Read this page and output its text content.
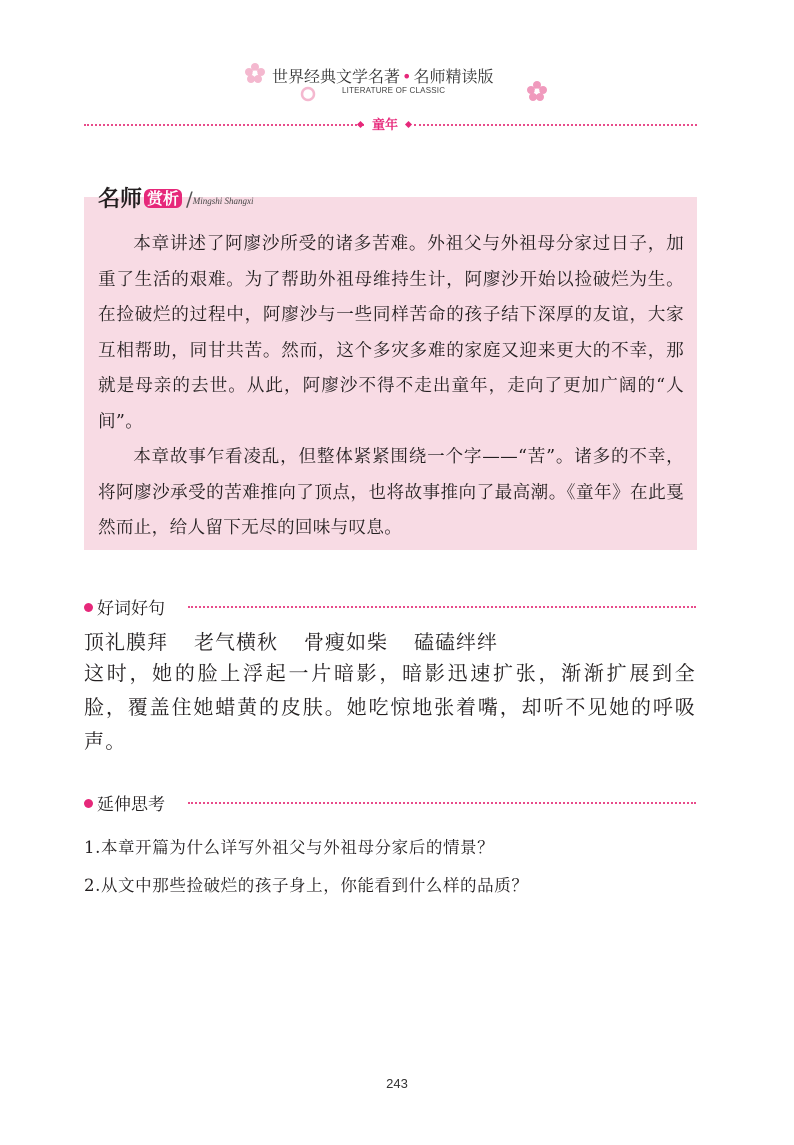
世界经典文学名著 • 名师精读版
LITERATURE OF CLASSIC
童年
名师 赏析 /Mingshi Shangxi

本章讲述了阿廖沙所受的诸多苦难。外祖父与外祖母分家过日子，加重了生活的艰难。为了帮助外祖母维持生计，阿廖沙开始以捡破烂为生。在捡破烂的过程中，阿廖沙与一些同样苦命的孩子结下深厚的友谊，大家互相帮助，同甘共苦。然而，这个多灾多难的家庭又迎来更大的不幸，那就是母亲的去世。从此，阿廖沙不得不走出童年，走向了更加广阔的“人间”。

本章故事乍看凌乱，但整体紧紧围绕一个字——“苦”。诸多的不幸，将阿廖沙承受的苦难推向了顶点，也将故事推向了最高潮。《童年》在此戛然而止，给人留下无尽的回味与叹息。

好词好句
顶礼膜拜 老气横秋 骨瘦如柴 磕磕绊绊

这时，她的脸上浮起一片暗影，暗影迅速扩张，渐渐扩展到全脸，覆盖住她蜡黄的皮肤。她吃惊地张着嘴，却听不见她的呼吸声。

延伸思考
1.本章开篇为什么详写外祖父与外祖母分家后的情景？
2.从文中那些捡破烂的孩子身上，你能看到什么样的品质？
243
